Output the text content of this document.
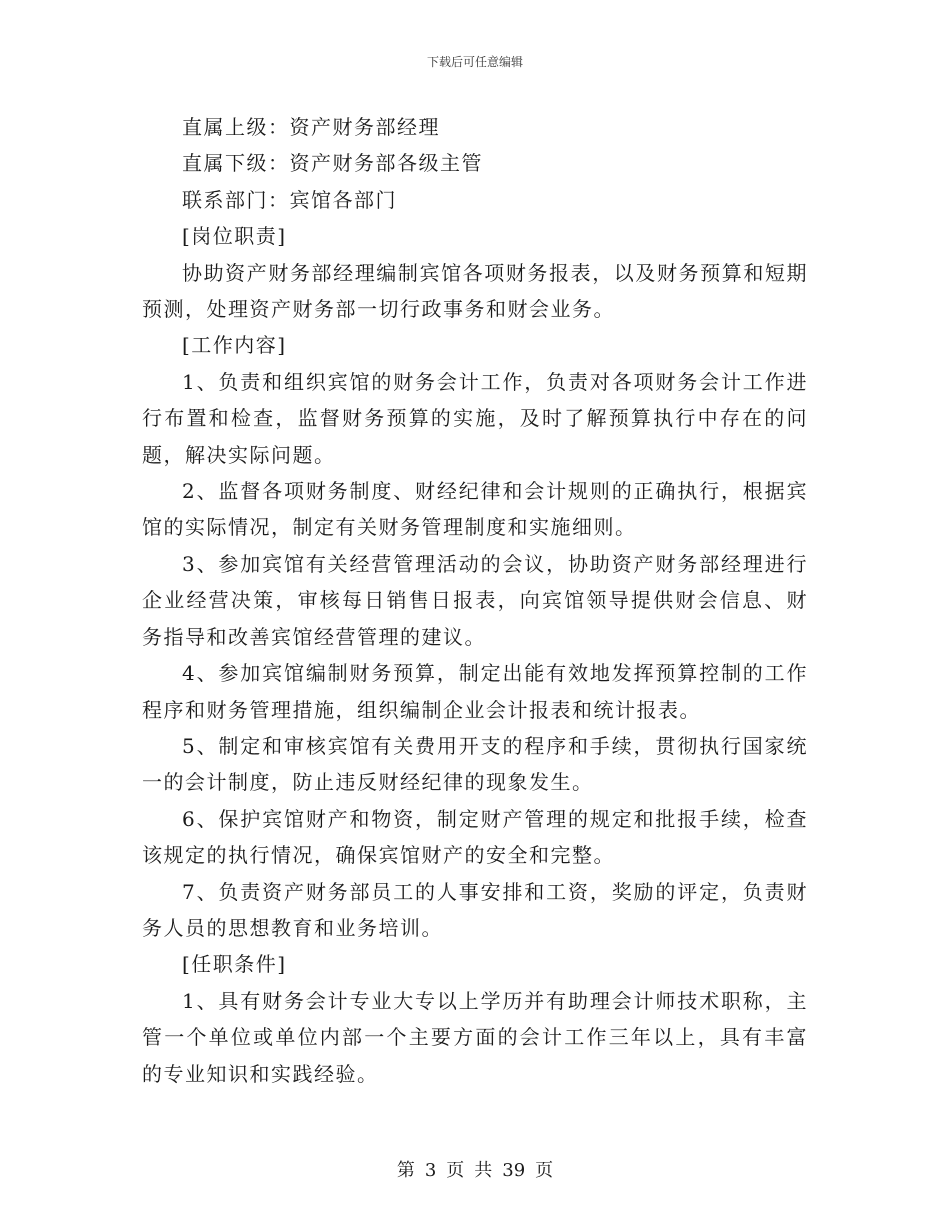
下载后可任意编辑

直属上级：资产财务部经理

直属下级：资产财务部各级主管

联系部门：宾馆各部门

[岗位职责]

协助资产财务部经理编制宾馆各项财务报表，以及财务预算和短期预测，处理资产财务部一切行政事务和财会业务。

[工作内容]

1、负责和组织宾馆的财务会计工作，负责对各项财务会计工作进行布置和检查，监督财务预算的实施，及时了解预算执行中存在的问题，解决实际问题。

2、监督各项财务制度、财经纪律和会计规则的正确执行，根据宾馆的实际情况，制定有关财务管理制度和实施细则。

3、参加宾馆有关经营管理活动的会议，协助资产财务部经理进行企业经营决策，审核每日销售日报表，向宾馆领导提供财会信息、财务指导和改善宾馆经营管理的建议。

4、参加宾馆编制财务预算，制定出能有效地发挥预算控制的工作程序和财务管理措施，组织编制企业会计报表和统计报表。

5、制定和审核宾馆有关费用开支的程序和手续，贯彻执行国家统一的会计制度，防止违反财经纪律的现象发生。

6、保护宾馆财产和物资，制定财产管理的规定和批报手续，检查该规定的执行情况，确保宾馆财产的安全和完整。

7、负责资产财务部员工的人事安排和工资，奖励的评定，负责财务人员的思想教育和业务培训。

[任职条件]

1、具有财务会计专业大专以上学历并有助理会计师技术职称，主管一个单位或单位内部一个主要方面的会计工作三年以上，具有丰富的专业知识和实践经验。

第 3 页 共 39 页
